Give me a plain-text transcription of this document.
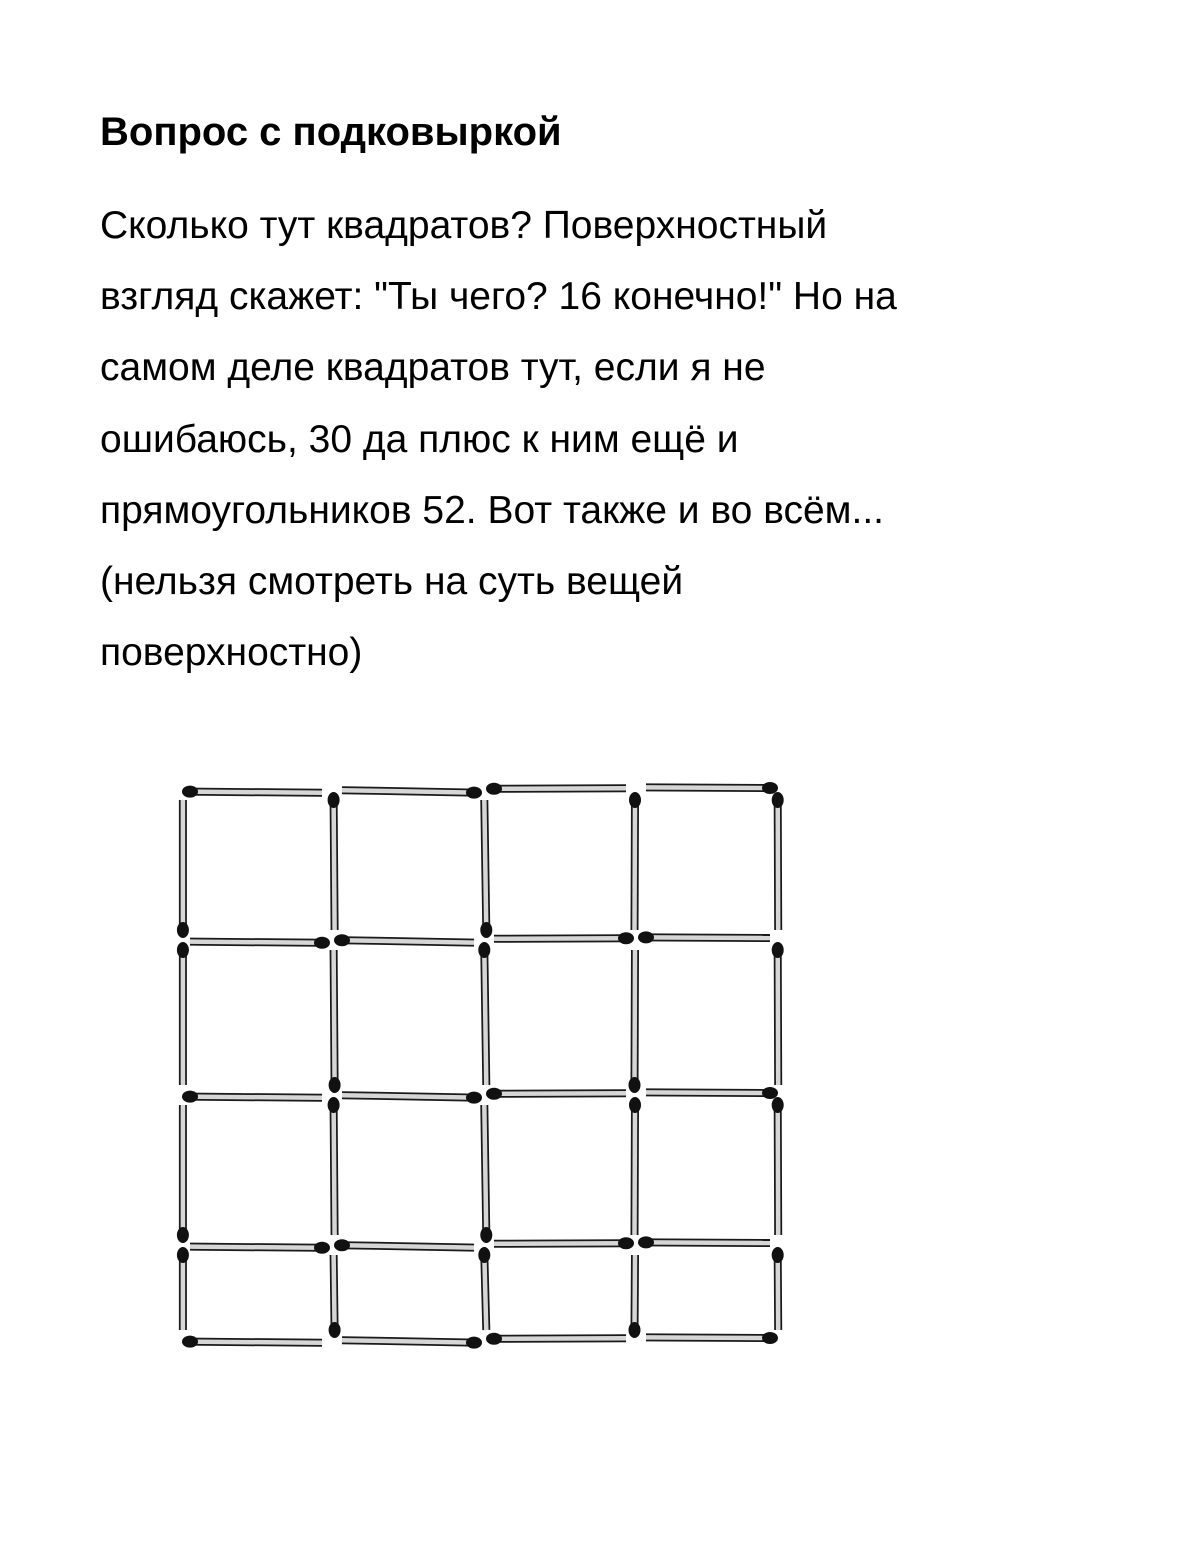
Вопрос с подковыркой

Сколько тут квадратов? Поверхностный
взгляд скажет: "Ты чего? 16 конечно!" Но на
самом деле квадратов тут, если я не
ошибаюсь, 30 да плюс к ним ещё и
прямоугольников 52. Вот также и во всём...
(нельзя смотреть на суть вещей
поверхностно)
